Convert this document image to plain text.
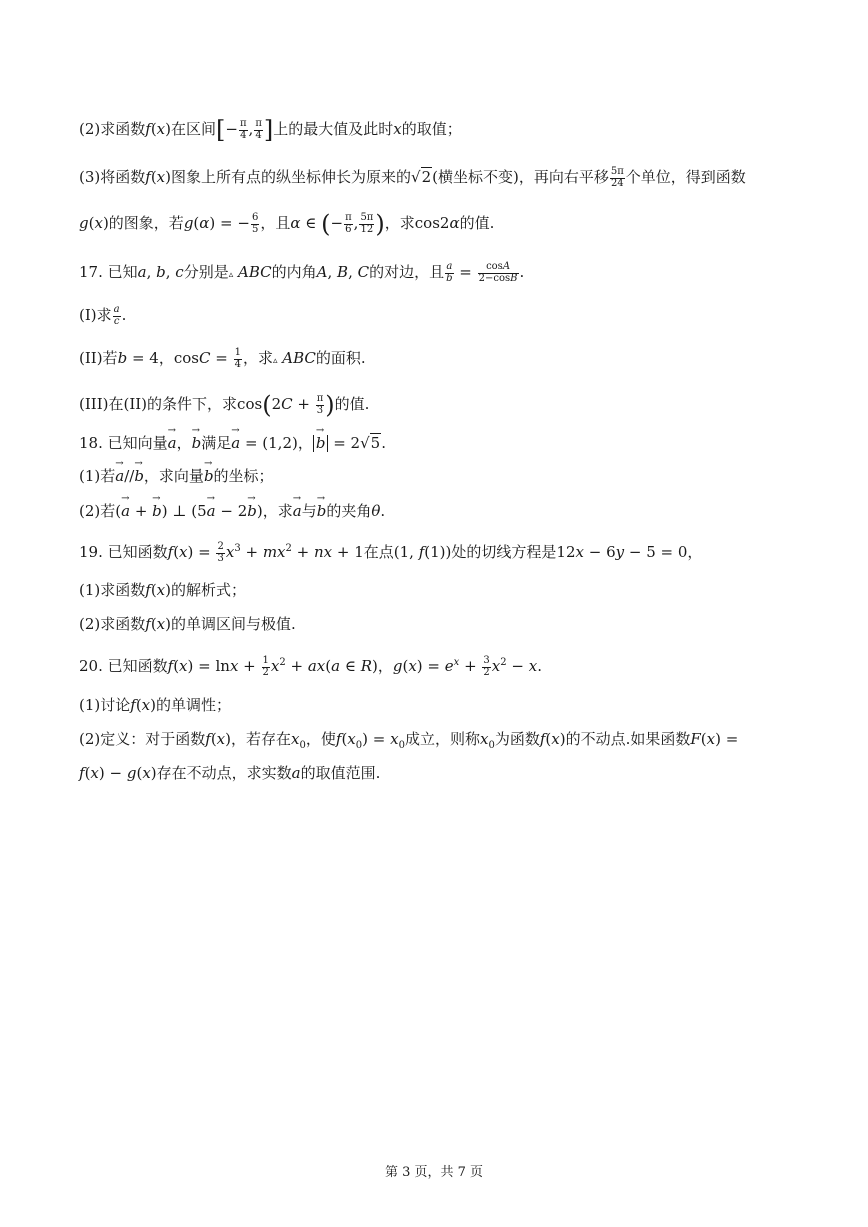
(2)求函数f(x)在区间[− $\frac{\pi}{4}$ , $\frac{\pi}{4}$ ]上的最大值及此时x的取值；
(3)将函数f(x)图象上所有点的纵坐标伸长为原来的√2(横坐标不变)，再向右平移 $\frac{5\pi}{24}$ 个单位，得到函数
g(x)的图象，若g(α) = − $\frac{6}{5}$ ，且α ∈ (− $\frac{\pi}{6}$ , $\frac{5\pi}{12}$ )，求cos2α的值.
17. 已知a, b, c分别是▵ ABC的内角A, B, C的对边，且 $\frac{a}{b} = \frac{\cos A}{2-\cos B}$ .
(I)求 $\frac{a}{c}$ .
(II)若b = 4，$\cos C = \frac{1}{4}$ ，求▵ ABC的面积.
(III)在(II)的条件下，求$\cos(2C + \frac{\pi}{3}$ )的值.
18. 已知向量→ a，→ b满足→ a = (1,2)，→ b = 2√5.
(1)若→ a//→ b，求向量→ b的坐标；
(2)若(→ a + → b) ⊥ (5→ a − 2→ b)，求→ a与→ b的夹角θ.
19. 已知函数$f(x) = \frac{2}{3} x^3 + mx^2$ + nx + 1在点(1, f(1))处的切线方程是12x − 6y − 5 = 0，
(1)求函数f(x)的解析式；
(2)求函数f(x)的单调区间与极值.
20. 已知函数$f(x) = \ln x + \frac{1}{2} x^2 + ax(a$ ∈ R)，$g(x) = e^x + \frac{3}{2} x^2 - x$.
(1)讨论f(x)的单调性；
(2)定义：对于函数f(x)，若存在$x_0$，使$f(x_0) = x_0$成立，则称$x_0$为函数f(x)的不动点.如果函数F(x) =
f(x) − g(x)存在不动点，求实数a的取值范围.
第 3 页，共 7 页
